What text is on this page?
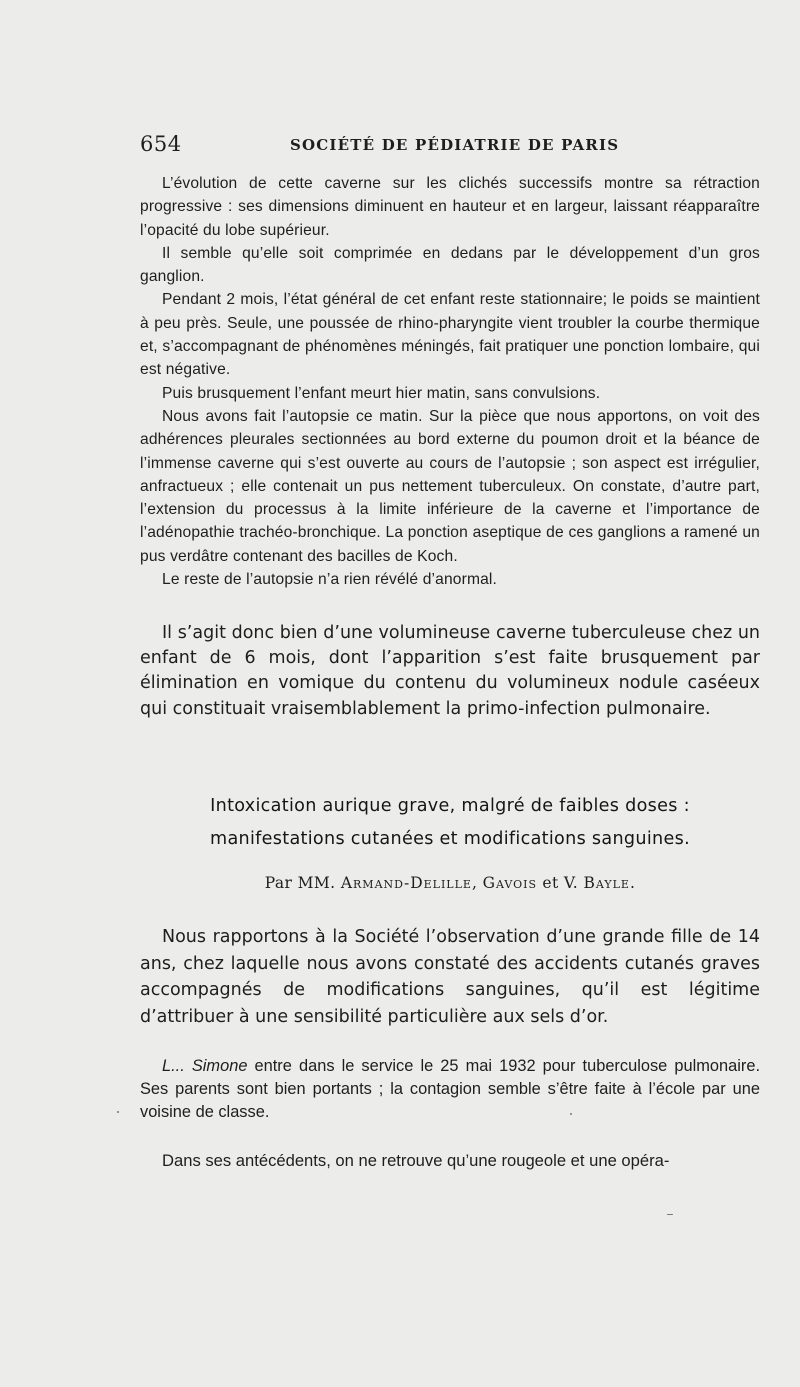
654	SOCIÉTÉ DE PÉDIATRIE DE PARIS

L’évolution de cette caverne sur les clichés successifs montre sa rétraction progressive : ses dimensions diminuent en hauteur et en largeur, laissant réapparaître l’opacité du lobe supérieur.

Il semble qu’elle soit comprimée en dedans par le développement d’un gros ganglion.

Pendant 2 mois, l’état général de cet enfant reste stationnaire; le poids se maintient à peu près. Seule, une poussée de rhino-pharyngite vient troubler la courbe thermique et, s’accompagnant de phénomènes méningés, fait pratiquer une ponction lombaire, qui est négative.

Puis brusquement l’enfant meurt hier matin, sans convulsions.

Nous avons fait l’autopsie ce matin. Sur la pièce que nous apportons, on voit des adhérences pleurales sectionnées au bord externe du poumon droit et la béance de l’immense caverne qui s’est ouverte au cours de l’autopsie ; son aspect est irrégulier, anfractueux ; elle contenait un pus nettement tuberculeux. On constate, d’autre part, l’extension du processus à la limite inférieure de la caverne et l’importance de l’adénopathie trachéo-bronchique. La ponction aseptique de ces ganglions a ramené un pus verdâtre contenant des bacilles de Koch.

Le reste de l’autopsie n’a rien révélé d’anormal.

Il s’agit donc bien d’une volumineuse caverne tuberculeuse chez un enfant de 6 mois, dont l’apparition s’est faite brusquement par élimination en vomique du contenu du volumineux nodule caséeux qui constituait vraisemblablement la primo-infection pulmonaire.

Intoxication aurique grave, malgré de faibles doses :
manifestations cutanées et modifications sanguines.
Par MM. Armand-Delille, Gavois et V. Bayle.

Nous rapportons à la Société l’observation d’une grande fille de 14 ans, chez laquelle nous avons constaté des accidents cutanés graves accompagnés de modifications sanguines, qu’il est légitime d’attribuer à une sensibilité particulière aux sels d’or.

L... Simone entre dans le service le 25 mai 1932 pour tuberculose pulmonaire. Ses parents sont bien portants ; la contagion semble s’être faite à l’école par une voisine de classe.

Dans ses antécédents, on ne retrouve qu’une rougeole et une opéra-
